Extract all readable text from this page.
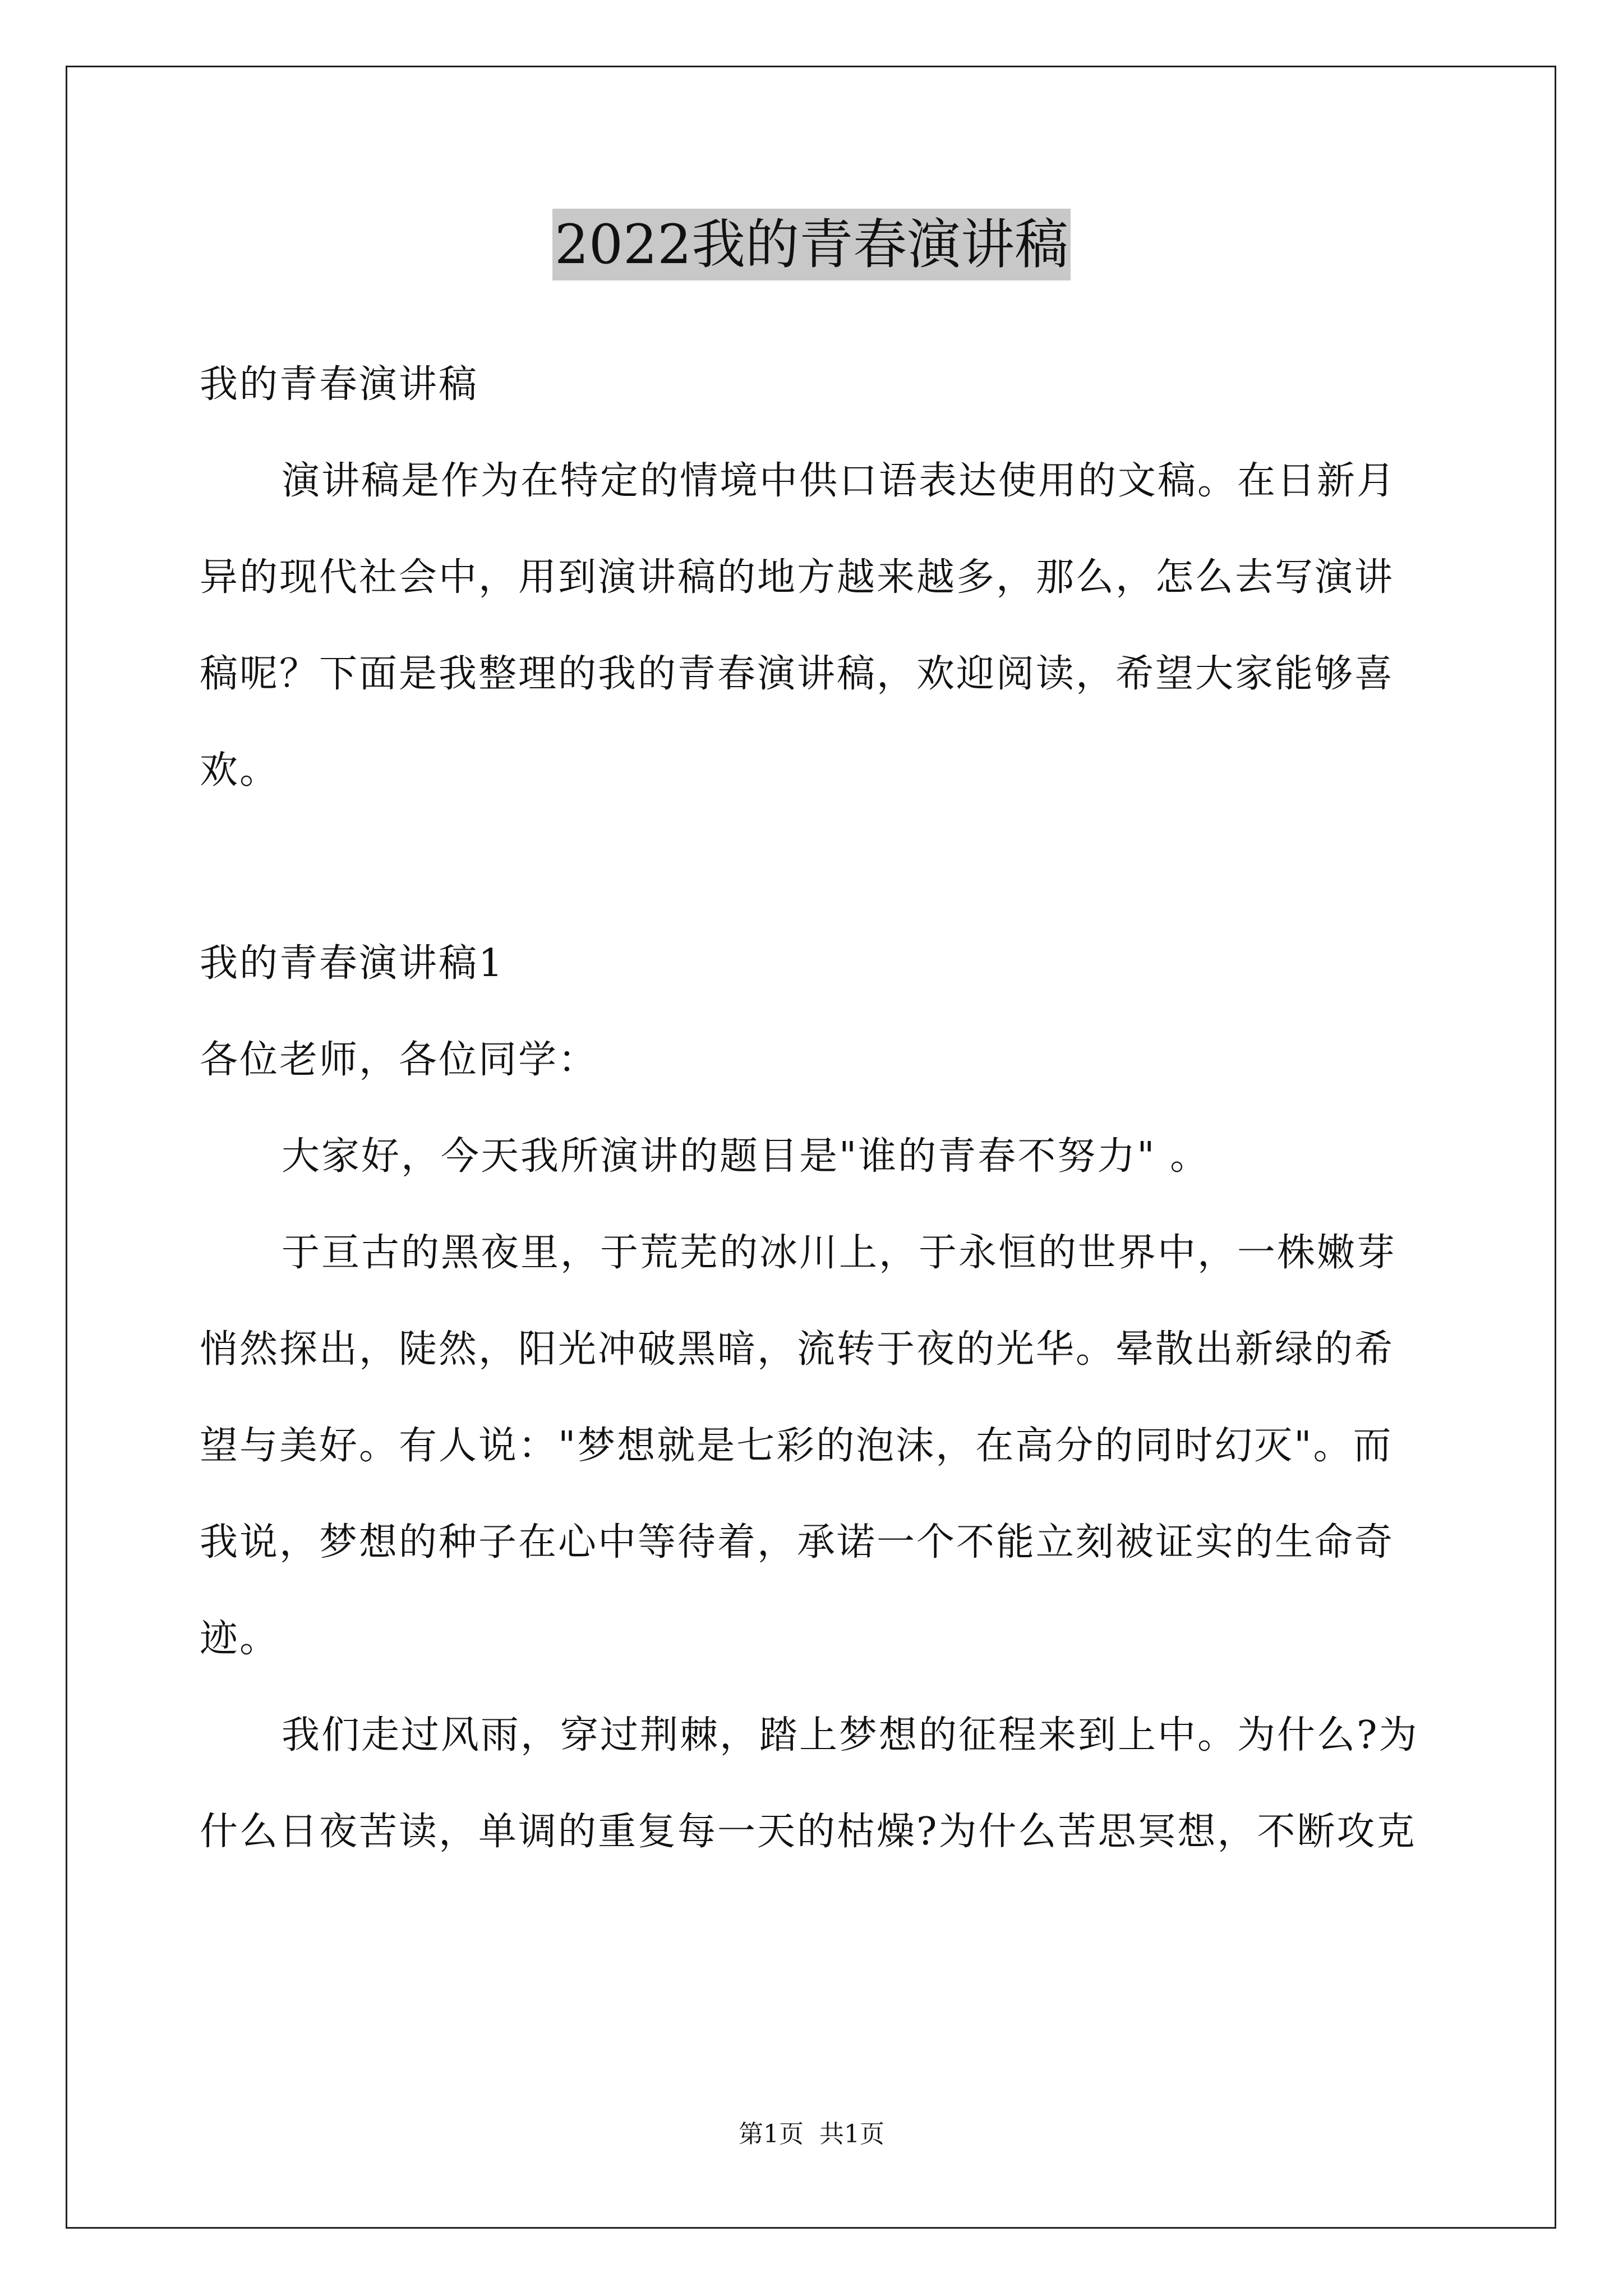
2022我的青春演讲稿
我的青春演讲稿
演讲稿是作为在特定的情境中供口语表达使用的文稿。在日新月
异的现代社会中，用到演讲稿的地方越来越多，那么，怎么去写演讲
稿呢？下面是我整理的我的青春演讲稿，欢迎阅读，希望大家能够喜
欢。
我的青春演讲稿1
各位老师，各位同学：
大家好，今天我所演讲的题目是"谁的青春不努力" 。
于亘古的黑夜里，于荒芜的冰川上，于永恒的世界中，一株嫩芽
悄然探出，陡然，阳光冲破黑暗，流转于夜的光华。晕散出新绿的希
望与美好。有人说："梦想就是七彩的泡沫，在高分的同时幻灭"。而
我说，梦想的种子在心中等待着，承诺一个不能立刻被证实的生命奇
迹。
我们走过风雨，穿过荆棘，踏上梦想的征程来到上中。为什么?为
什么日夜苦读，单调的重复每一天的枯燥?为什么苦思冥想，不断攻克
第1页  共1页
